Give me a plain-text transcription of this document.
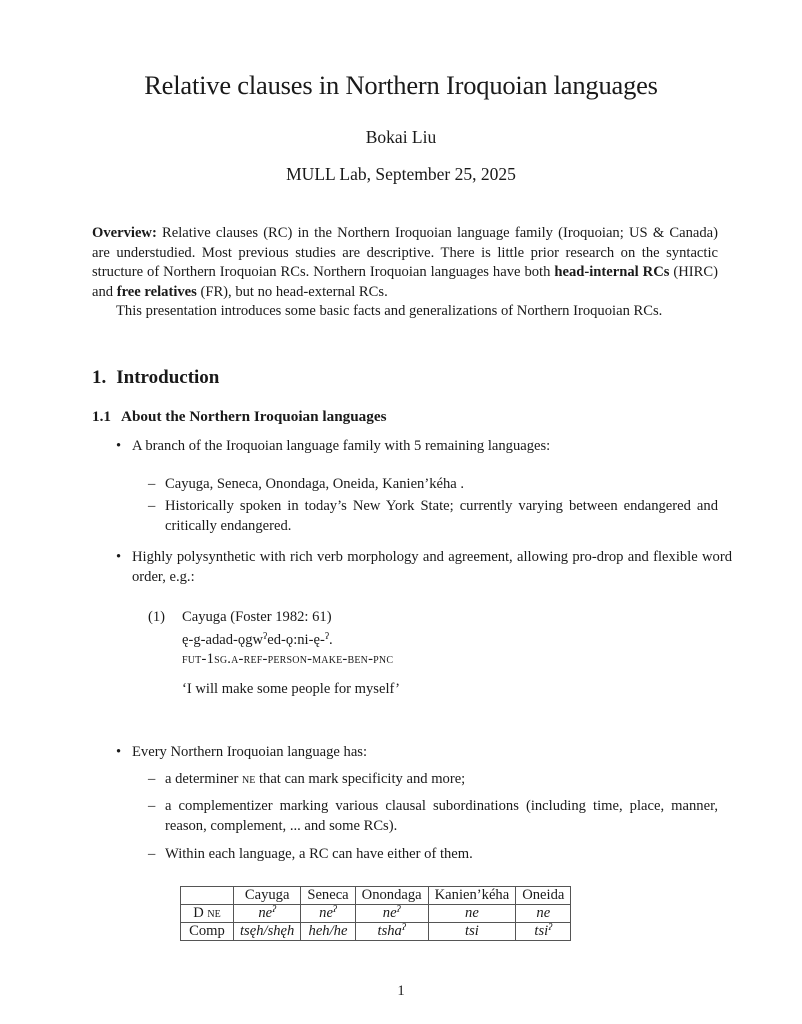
Relative clauses in Northern Iroquoian languages
Bokai Liu
MULL Lab, September 25, 2025

Overview: Relative clauses (RC) in the Northern Iroquoian language family (Iroquoian; US & Canada) are understudied. Most previous studies are descriptive. There is little prior research on the syntactic structure of Northern Iroquoian RCs. Northern Iroquoian languages have both head-internal RCs (HIRC) and free relatives (FR), but no head-external RCs.

This presentation introduces some basic facts and generalizations of Northern Iroquoian RCs.

1. Introduction
1.1 About the Northern Iroquoian languages
• A branch of the Iroquoian language family with 5 remaining languages:
– Cayuga, Seneca, Onondaga, Oneida, Kanien’kéha .
– Historically spoken in today’s New York State; currently varying between endangered and critically endangered.
• Highly polysynthetic with rich verb morphology and agreement, allowing pro-drop and flexible word order, e.g.:
(1) Cayuga (Foster 1982: 61)
ę-g-adad-ǫgw$^ʔ$ed-ǫ:ni-ę-$^ʔ$.
fut-1sg.a-ref-person-make-ben-pnc
‘I will make some people for myself’
• Every Northern Iroquoian language has:
– a determiner ne that can mark specificity and more;
– a complementizer marking various clausal subordinations (including time, place, manner, reason, complement, ... and some RCs).
– Within each language, a RC can have either of them.
	Cayuga	Seneca	Onondaga	Kanien’kéha	Oneida
D ne	$ne^ʔ$	$ne^ʔ$	$ne^ʔ$	ne	ne
Comp	tsęh/shęh	heh/he	tsha$^ʔ$	tsi	tsi$^ʔ$
1
